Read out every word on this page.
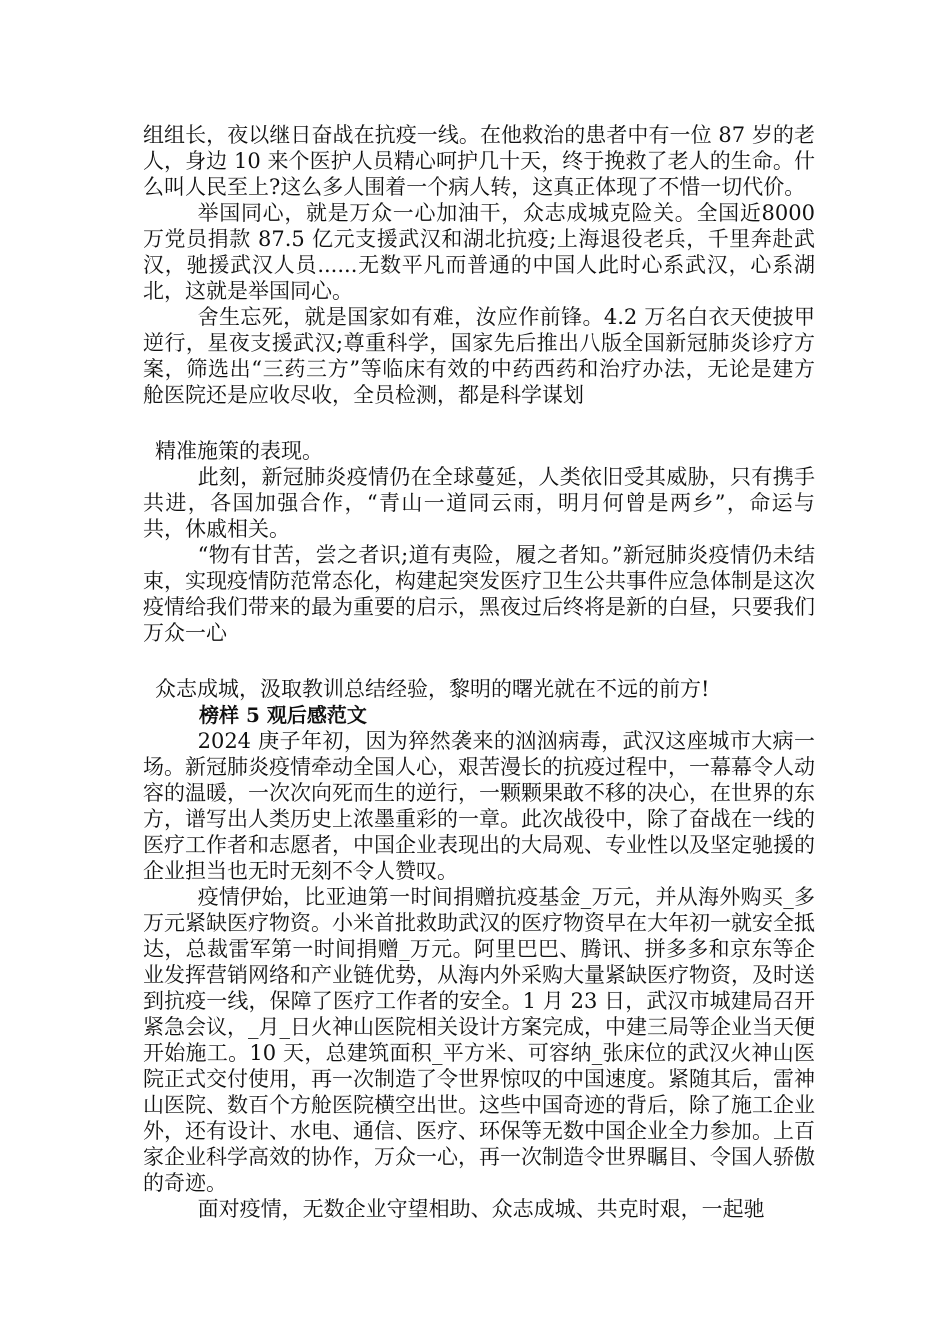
组组长，夜以继日奋战在抗疫一线。在他救治的患者中有一位 87 岁的老人，身边 10 来个医护人员精心呵护几十天，终于挽救了老人的生命。什么叫人民至上?这么多人围着一个病人转，这真正体现了不惜一切代价。

举国同心，就是万众一心加油干，众志成城克险关。全国近8000 万党员捐款 87.5 亿元支援武汉和湖北抗疫;上海退役老兵，千里奔赴武汉，驰援武汉人员......无数平凡而普通的中国人此时心系武汉，心系湖北，这就是举国同心。

舍生忘死，就是国家如有难，汝应作前锋。4.2 万名白衣天使披甲逆行，星夜支援武汉;尊重科学，国家先后推出八版全国新冠肺炎诊疗方案，筛选出“三药三方”等临床有效的中药西药和治疗办法，无论是建方舱医院还是应收尽收，全员检测，都是科学谋划

精准施策的表现。

此刻，新冠肺炎疫情仍在全球蔓延，人类依旧受其威胁，只有携手共进，各国加强合作，“青山一道同云雨，明月何曾是两乡”，命运与共，休戚相关。

“物有甘苦，尝之者识;道有夷险，履之者知。”新冠肺炎疫情仍未结束，实现疫情防范常态化，构建起突发医疗卫生公共事件应急体制是这次疫情给我们带来的最为重要的启示，黑夜过后终将是新的白昼，只要我们万众一心

众志成城，汲取教训总结经验，黎明的曙光就在不远的前方!

榜样 5 观后感范文

2024 庚子年初，因为猝然袭来的汹汹病毒，武汉这座城市大病一场。新冠肺炎疫情牵动全国人心，艰苦漫长的抗疫过程中，一幕幕令人动容的温暖，一次次向死而生的逆行，一颗颗果敢不移的决心，在世界的东方，谱写出人类历史上浓墨重彩的一章。此次战役中，除了奋战在一线的医疗工作者和志愿者，中国企业表现出的大局观、专业性以及坚定驰援的企业担当也无时无刻不令人赞叹。

疫情伊始，比亚迪第一时间捐赠抗疫基金_万元，并从海外购买_多万元紧缺医疗物资。小米首批救助武汉的医疗物资早在大年初一就安全抵达，总裁雷军第一时间捐赠_万元。阿里巴巴、腾讯、拼多多和京东等企业发挥营销网络和产业链优势，从海内外采购大量紧缺医疗物资，及时送到抗疫一线，保障了医疗工作者的安全。1 月 23 日，武汉市城建局召开紧急会议，_月_日火神山医院相关设计方案完成，中建三局等企业当天便开始施工。10 天，总建筑面积_平方米、可容纳_张床位的武汉火神山医院正式交付使用，再一次制造了令世界惊叹的中国速度。紧随其后，雷神山医院、数百个方舱医院横空出世。这些中国奇迹的背后，除了施工企业外，还有设计、水电、通信、医疗、环保等无数中国企业全力参加。上百家企业科学高效的协作，万众一心，再一次制造令世界瞩目、令国人骄傲的奇迹。

面对疫情，无数企业守望相助、众志成城、共克时艰，一起驰
